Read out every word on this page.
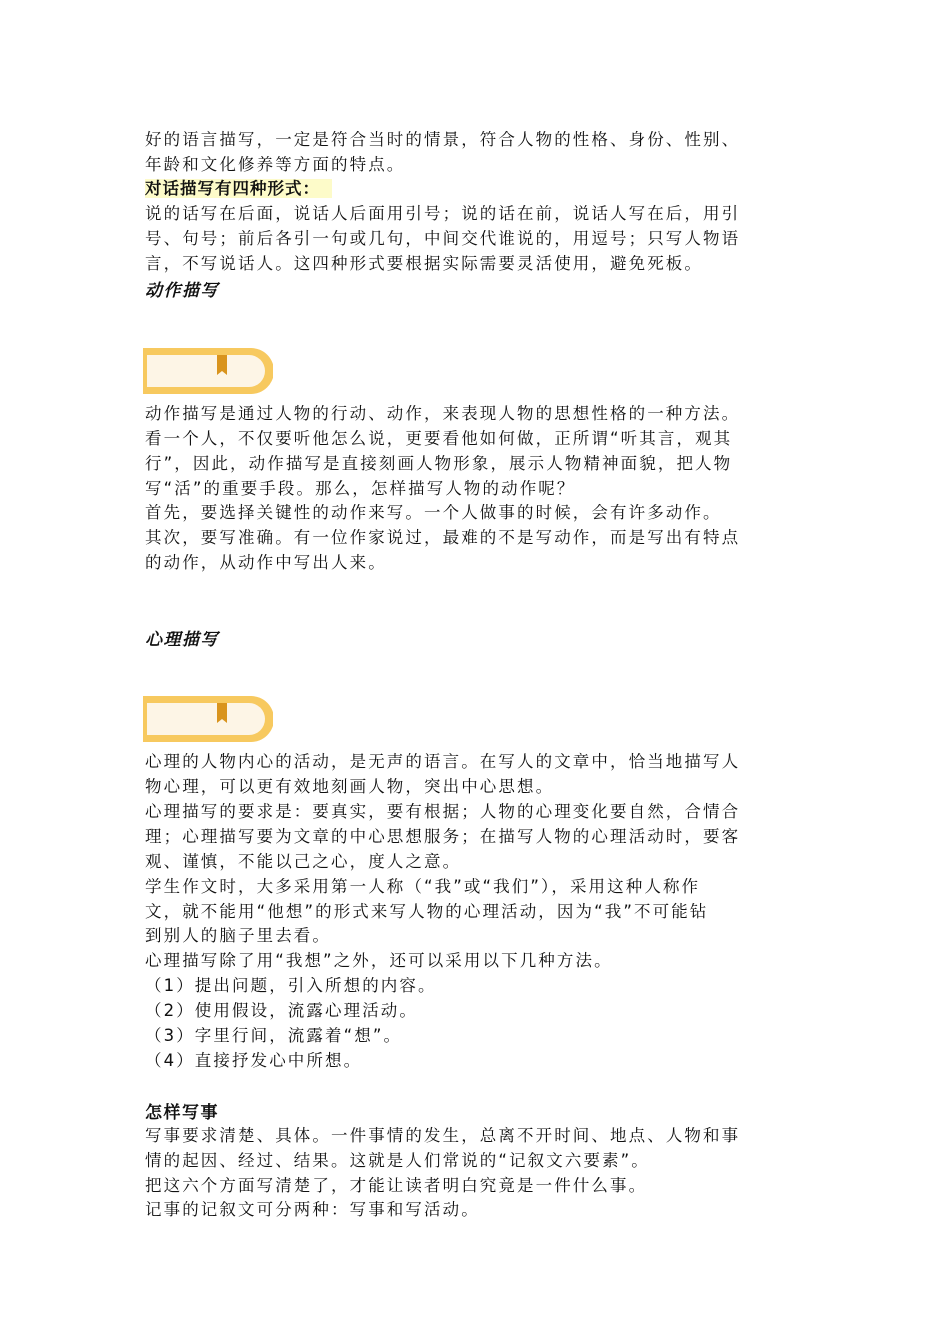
好的语言描写，一定是符合当时的情景，符合人物的性格、身份、性别、

年龄和文化修养等方面的特点。

对话描写有四种形式：

说的话写在后面，说话人后面用引号；说的话在前，说话人写在后，用引

号、句号；前后各引一句或几句，中间交代谁说的，用逗号；只写人物语

言，不写说话人。这四种形式要根据实际需要灵活使用，避免死板。

动作描写

动作描写是通过人物的行动、动作，来表现人物的思想性格的一种方法。

看一个人，不仅要听他怎么说，更要看他如何做，正所谓“听其言，观其

行”，因此，动作描写是直接刻画人物形象，展示人物精神面貌，把人物

写“活”的重要手段。那么，怎样描写人物的动作呢？

首先，要选择关键性的动作来写。一个人做事的时候，会有许多动作。

其次，要写准确。有一位作家说过，最难的不是写动作，而是写出有特点

的动作，从动作中写出人来。

心理描写

心理的人物内心的活动，是无声的语言。在写人的文章中，恰当地描写人

物心理，可以更有效地刻画人物，突出中心思想。

心理描写的要求是：要真实，要有根据；人物的心理变化要自然，合情合

理；心理描写要为文章的中心思想服务；在描写人物的心理活动时，要客

观、谨慎，不能以己之心，度人之意。

学生作文时，大多采用第一人称（“我”或“我们”），采用这种人称作

文，就不能用“他想”的形式来写人物的心理活动，因为“我”不可能钻

到别人的脑子里去看。

心理描写除了用“我想”之外，还可以采用以下几种方法。

（1）提出问题，引入所想的内容。

（2）使用假设，流露心理活动。

（3）字里行间，流露着“想”。

（4）直接抒发心中所想。

怎样写事

写事要求清楚、具体。一件事情的发生，总离不开时间、地点、人物和事

情的起因、经过、结果。这就是人们常说的“记叙文六要素”。

把这六个方面写清楚了，才能让读者明白究竟是一件什么事。

记事的记叙文可分两种：写事和写活动。
